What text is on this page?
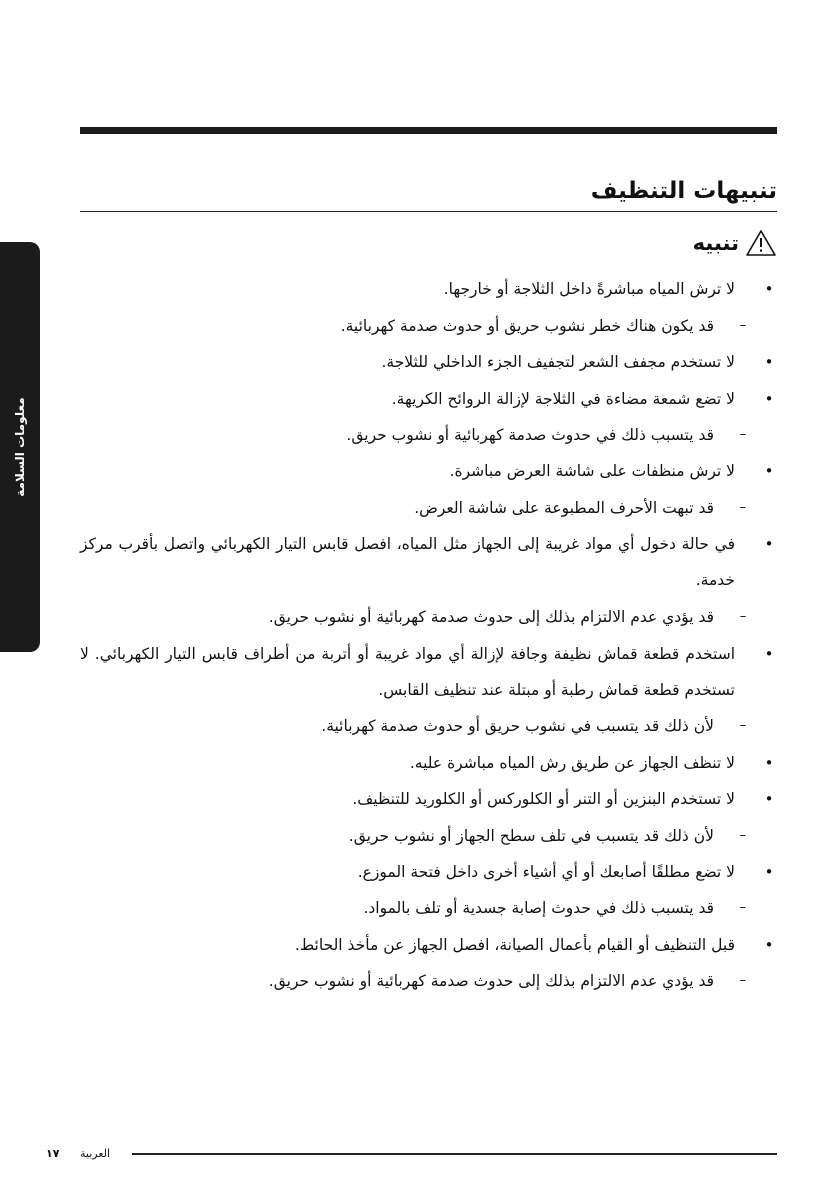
تنبيهات التنظيف
معلومات السلامة
تنبيه
•
لا ترش المياه مباشرةً داخل الثلاجة أو خارجها.
–
قد يكون هناك خطر نشوب حريق أو حدوث صدمة كهربائية.
•
لا تستخدم مجفف الشعر لتجفيف الجزء الداخلي للثلاجة.
•
لا تضع شمعة مضاءة في الثلاجة لإزالة الروائح الكريهة.
–
قد يتسبب ذلك في حدوث صدمة كهربائية أو نشوب حريق.
•
لا ترش منظفات على شاشة العرض مباشرة.
–
قد تبهت الأحرف المطبوعة على شاشة العرض.
•
في حالة دخول أي مواد غريبة إلى الجهاز مثل المياه، افصل قابس التيار الكهربائي واتصل بأقرب مركز خدمة.
–
قد يؤدي عدم الالتزام بذلك إلى حدوث صدمة كهربائية أو نشوب حريق.
•
استخدم قطعة قماش نظيفة وجافة لإزالة أي مواد غريبة أو أتربة من أطراف قابس التيار الكهربائي. لا تستخدم قطعة قماش رطبة أو مبتلة عند تنظيف القابس.
–
لأن ذلك قد يتسبب في نشوب حريق أو حدوث صدمة كهربائية.
•
لا تنظف الجهاز عن طريق رش المياه مباشرة عليه.
•
لا تستخدم البنزين أو التنر أو الكلوركس أو الكلوريد للتنظيف.
–
لأن ذلك قد يتسبب في تلف سطح الجهاز أو نشوب حريق.
•
لا تضع مطلقًا أصابعك أو أي أشياء أخرى داخل فتحة الموزع.
–
قد يتسبب ذلك في حدوث إصابة جسدية أو تلف بالمواد.
•
قبل التنظيف أو القيام بأعمال الصيانة، افصل الجهاز عن مأخذ الحائط.
–
قد يؤدي عدم الالتزام بذلك إلى حدوث صدمة كهربائية أو نشوب حريق.
١٧ العربية
